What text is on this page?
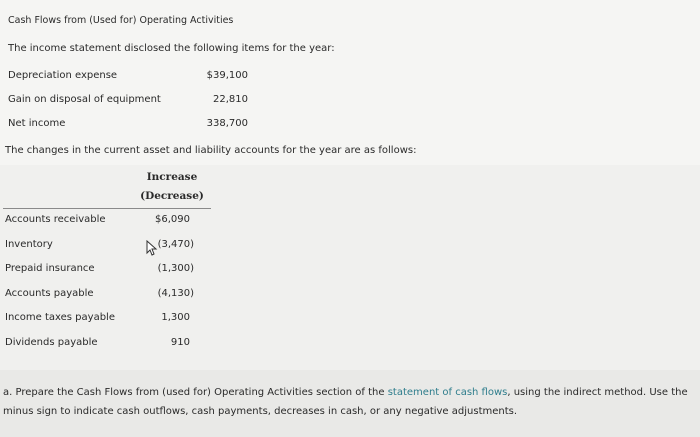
Cash Flows from (Used for) Operating Activities
The income statement disclosed the following items for the year:
Depreciation expense	$39,100
Gain on disposal of equipment	22,810
Net income	338,700
The changes in the current asset and liability accounts for the year are as follows:
Increase
(Decrease)
Accounts receivable	$6,090
Inventory	(3,470)
Prepaid insurance	(1,300)
Accounts payable	(4,130)
Income taxes payable	1,300
Dividends payable	910
a. Prepare the Cash Flows from (used for) Operating Activities section of the statement of cash flows, using the indirect method. Use the
minus sign to indicate cash outflows, cash payments, decreases in cash, or any negative adjustments.
